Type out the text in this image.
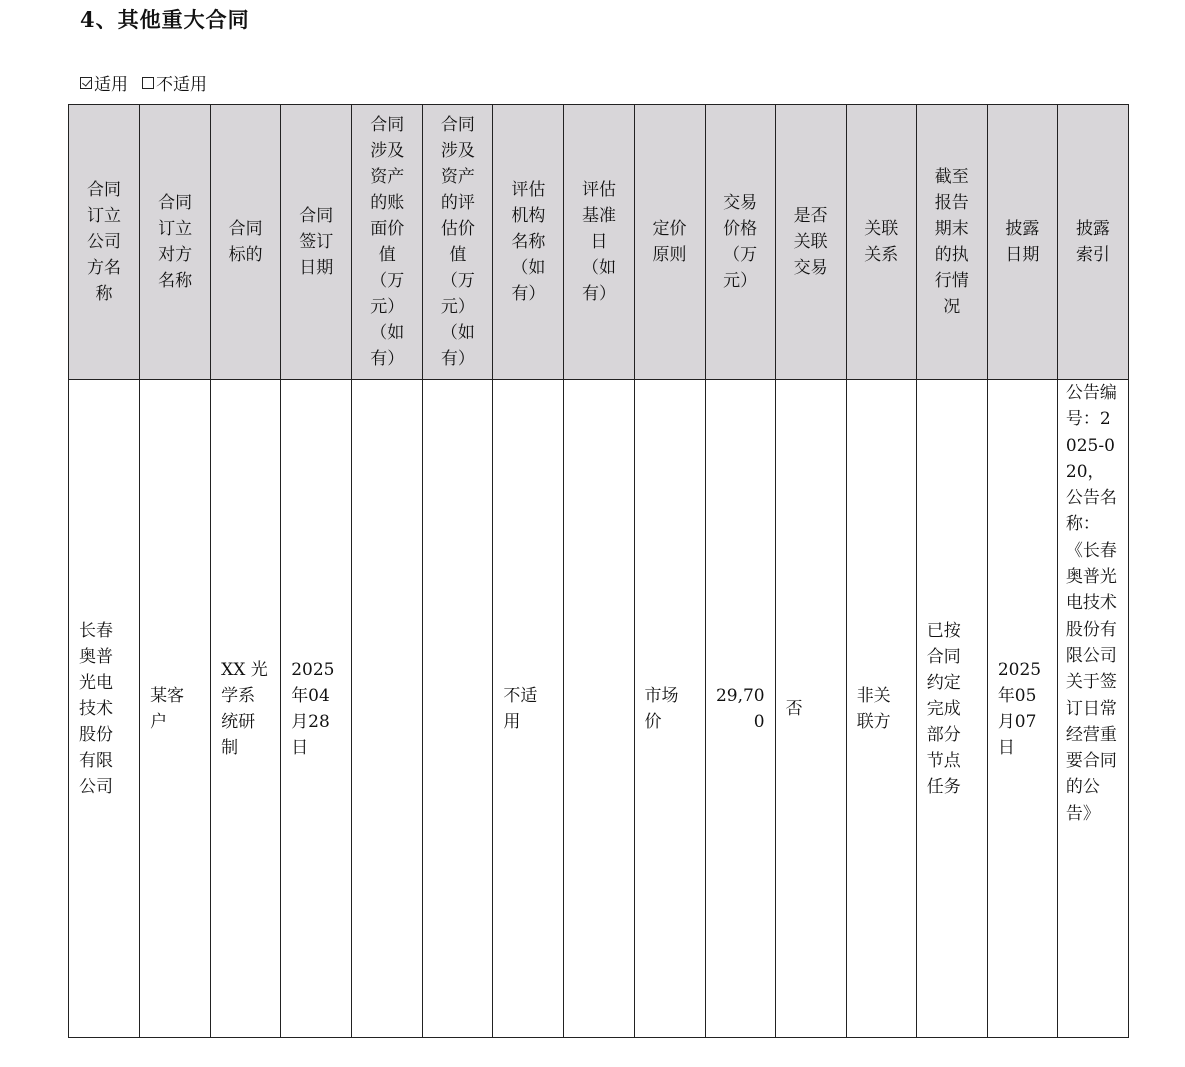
4、其他重大合同
适用 不适用
合同订立公司方名称	合同订立对方名称	合同标的	合同签订日期	合同涉及资产的账面价值（万元）（如有）	合同涉及资产的评估价值（万元）（如有）	评估机构名称（如有）	评估基准日（如有）	定价原则	交易价格（万元）	是否关联交易	关联关系	截至报告期末的执行情况	披露日期	披露索引

长春奥普光电技术股份有限公司	某客户	XX 光学系统研制	2025年04月28日			不适用		市场价	29,700	否	非关联方	已按合同约定完成部分节点任务	2025年05月07日	公告编号：2025-020，公告名称：《长春奥普光电技术股份有限公司关于签订日常经营重要合同的公告》
